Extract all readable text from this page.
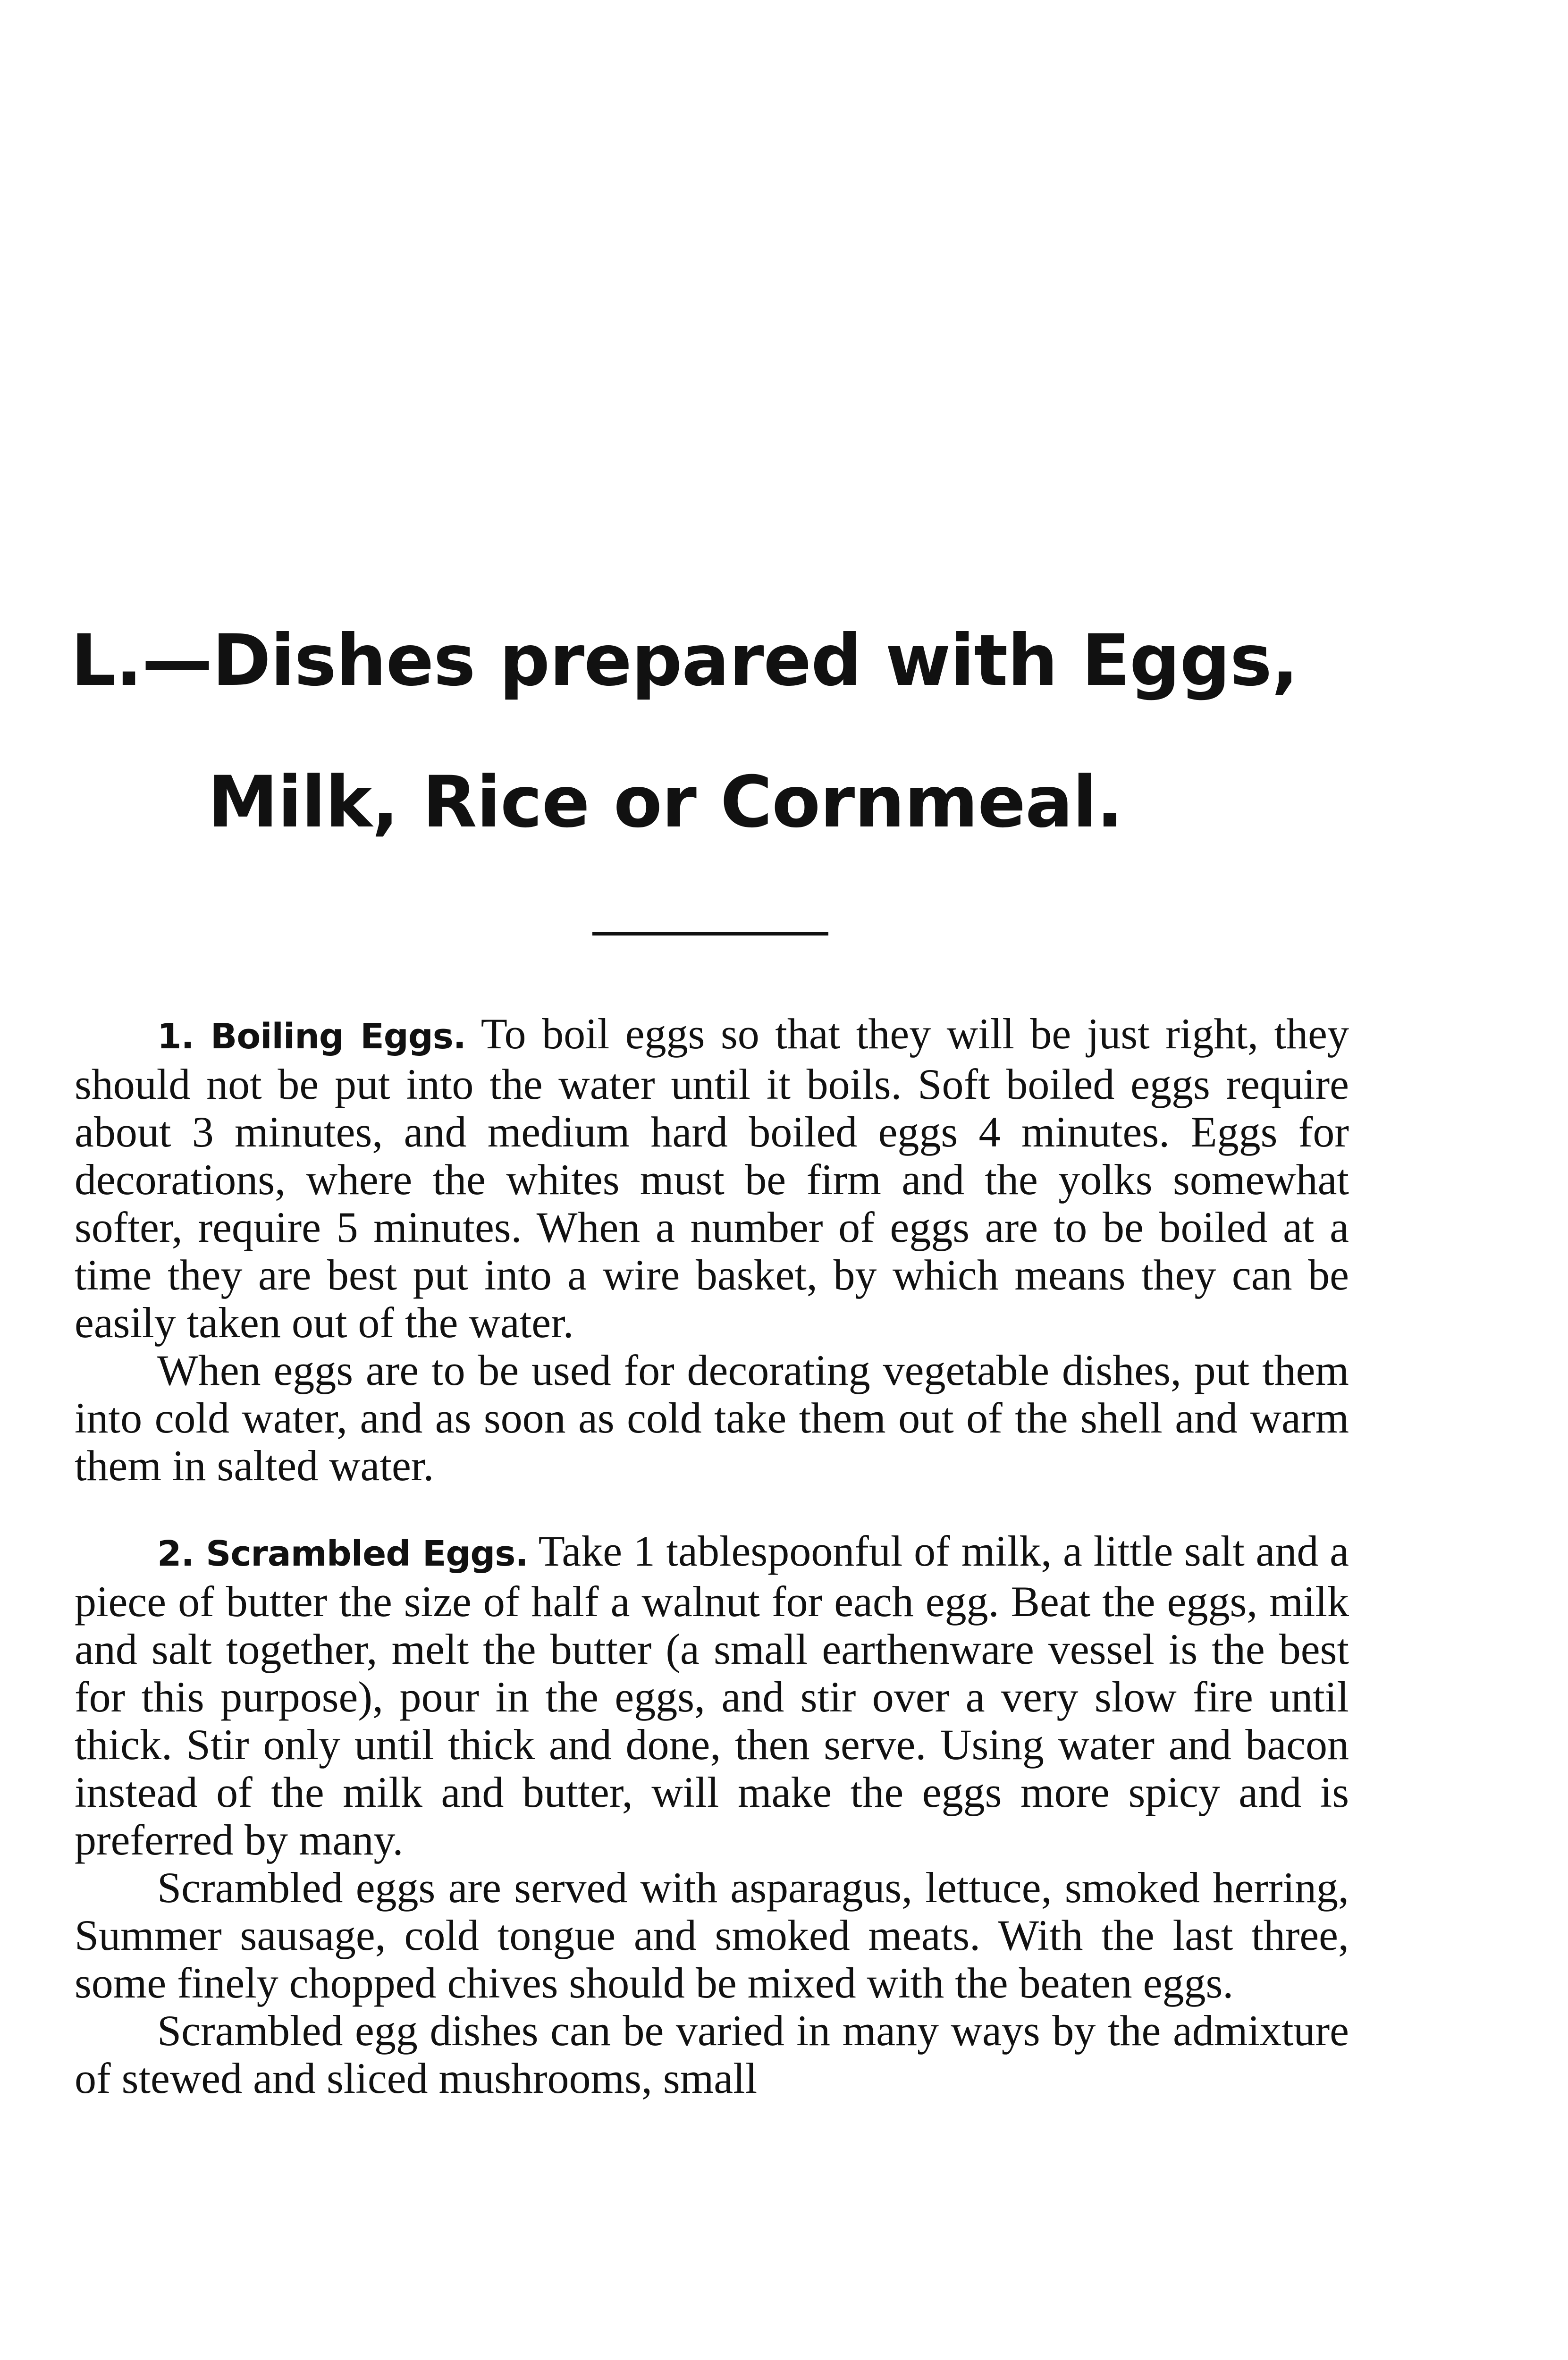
L.—Dishes prepared with Eggs,
Milk, Rice or Cornmeal.

1. Boiling Eggs. To boil eggs so that they will be just right, they should not be put into the water until it boils. Soft boiled eggs require about 3 minutes, and medium hard boiled eggs 4 minutes. Eggs for decorations, where the whites must be firm and the yolks somewhat softer, require 5 minutes. When a number of eggs are to be boiled at a time they are best put into a wire basket, by which means they can be easily taken out of the water.

When eggs are to be used for decorating vegetable dishes, put them into cold water, and as soon as cold take them out of the shell and warm them in salted water.

2. Scrambled Eggs. Take 1 tablespoonful of milk, a little salt and a piece of butter the size of half a walnut for each egg. Beat the eggs, milk and salt together, melt the butter (a small earthenware vessel is the best for this purpose), pour in the eggs, and stir over a very slow fire until thick. Stir only until thick and done, then serve. Using water and bacon instead of the milk and butter, will make the eggs more spicy and is preferred by many.

Scrambled eggs are served with asparagus, lettuce, smoked herring, Summer sausage, cold tongue and smoked meats. With the last three, some finely chopped chives should be mixed with the beaten eggs.

Scrambled egg dishes can be varied in many ways by the admixture of stewed and sliced mushrooms, small
